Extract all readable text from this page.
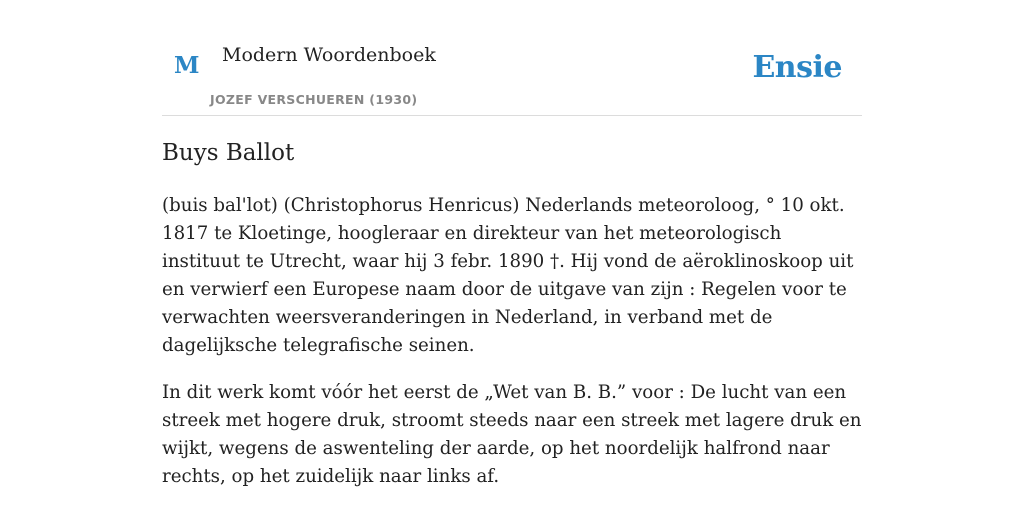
M Modern Woordenboek
JOZEF VERSCHUEREN (1930)
Ensie
Buys Ballot

(buis bal'lot) (Christophorus Henricus) Nederlands meteoroloog, ° 10 okt. 1817 te Kloetinge, hoogleraar en direkteur van het meteorologisch instituut te Utrecht, waar hij 3 febr. 1890 †. Hij vond de aëroklinoskoop uit en verwierf een Europese naam door de uitgave van zijn : Regelen voor te verwachten weersveranderingen in Nederland, in verband met de dagelijksche telegrafische seinen.

In dit werk komt vóór het eerst de „Wet van B. B.” voor : De lucht van een streek met hogere druk, stroomt steeds naar een streek met lagere druk en wijkt, wegens de aswenteling der aarde, op het noordelijk halfrond naar rechts, op het zuidelijk naar links af.
